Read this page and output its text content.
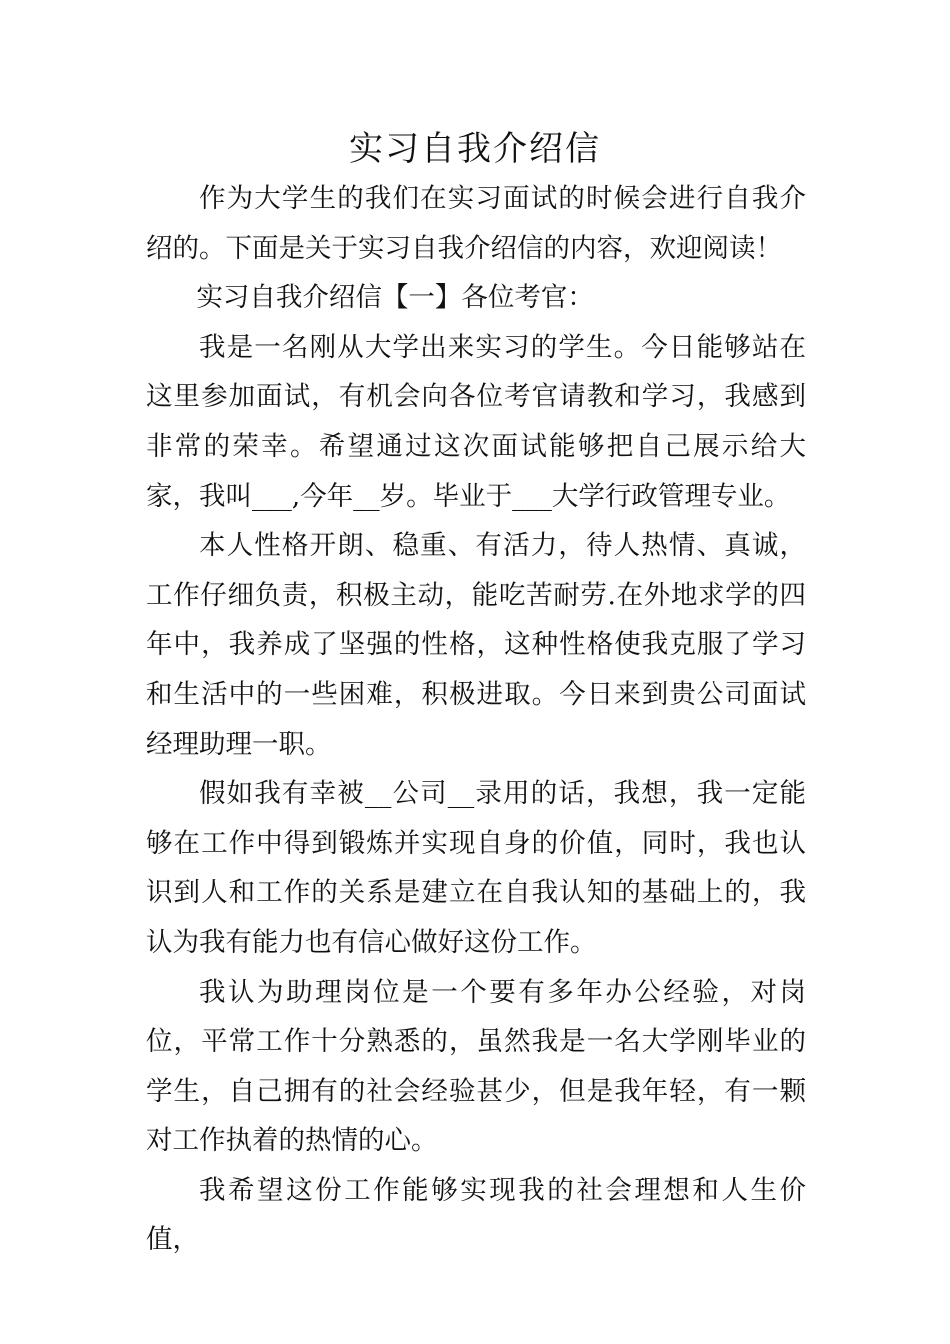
实习自我介绍信

作为大学生的我们在实习面试的时候会进行自我介绍的。下面是关于实习自我介绍信的内容，欢迎阅读！

实习自我介绍信【一】各位考官：

我是一名刚从大学出来实习的学生。今日能够站在这里参加面试，有机会向各位考官请教和学习，我感到非常的荣幸。希望通过这次面试能够把自己展示给大家，我叫___,今年__岁。毕业于___大学行政管理专业。

本人性格开朗、稳重、有活力，待人热情、真诚，工作仔细负责，积极主动，能吃苦耐劳.在外地求学的四年中，我养成了坚强的性格，这种性格使我克服了学习和生活中的一些困难，积极进取。今日来到贵公司面试经理助理一职。

假如我有幸被__公司__录用的话，我想，我一定能够在工作中得到锻炼并实现自身的价值，同时，我也认识到人和工作的关系是建立在自我认知的基础上的，我认为我有能力也有信心做好这份工作。

我认为助理岗位是一个要有多年办公经验，对岗位，平常工作十分熟悉的，虽然我是一名大学刚毕业的学生，自己拥有的社会经验甚少，但是我年轻，有一颗对工作执着的热情的心。

我希望这份工作能够实现我的社会理想和人生价值，
